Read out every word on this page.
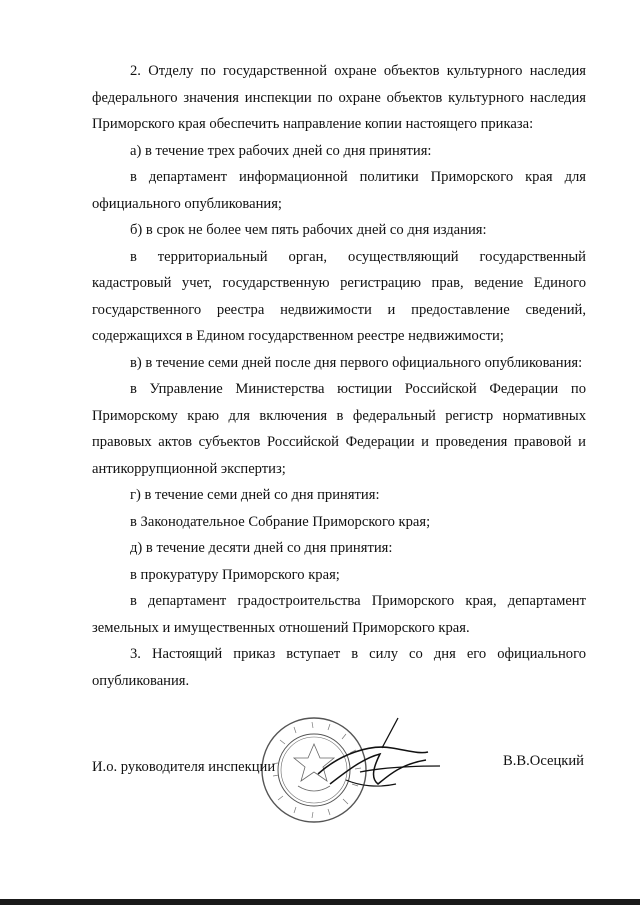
2. Отделу по государственной охране объектов культурного наследия федерального значения инспекции по охране объектов культурного наследия Приморского края обеспечить направление копии настоящего приказа:

а) в течение трех рабочих дней со дня принятия:

в департамент информационной политики Приморского края для официального опубликования;

б) в срок не более чем пять рабочих дней со дня издания:

в территориальный орган, осуществляющий государственный кадастровый учет, государственную регистрацию прав, ведение Единого государственного реестра недвижимости и предоставление сведений, содержащихся в Едином государственном реестре недвижимости;

в) в течение семи дней после дня первого официального опубликования:

в Управление Министерства юстиции Российской Федерации по Приморскому краю для включения в федеральный регистр нормативных правовых актов субъектов Российской Федерации и проведения правовой и антикоррупционной экспертиз;

г) в течение семи дней со дня принятия:

в Законодательное Собрание Приморского края;

д) в течение десяти дней со дня принятия:

в прокуратуру Приморского края;

в департамент градостроительства Приморского края, департамент земельных и имущественных отношений Приморского края.

3. Настоящий приказ вступает в силу со дня его официального опубликования.

И.о. руководителя инспекции	В.В.Осецкий
